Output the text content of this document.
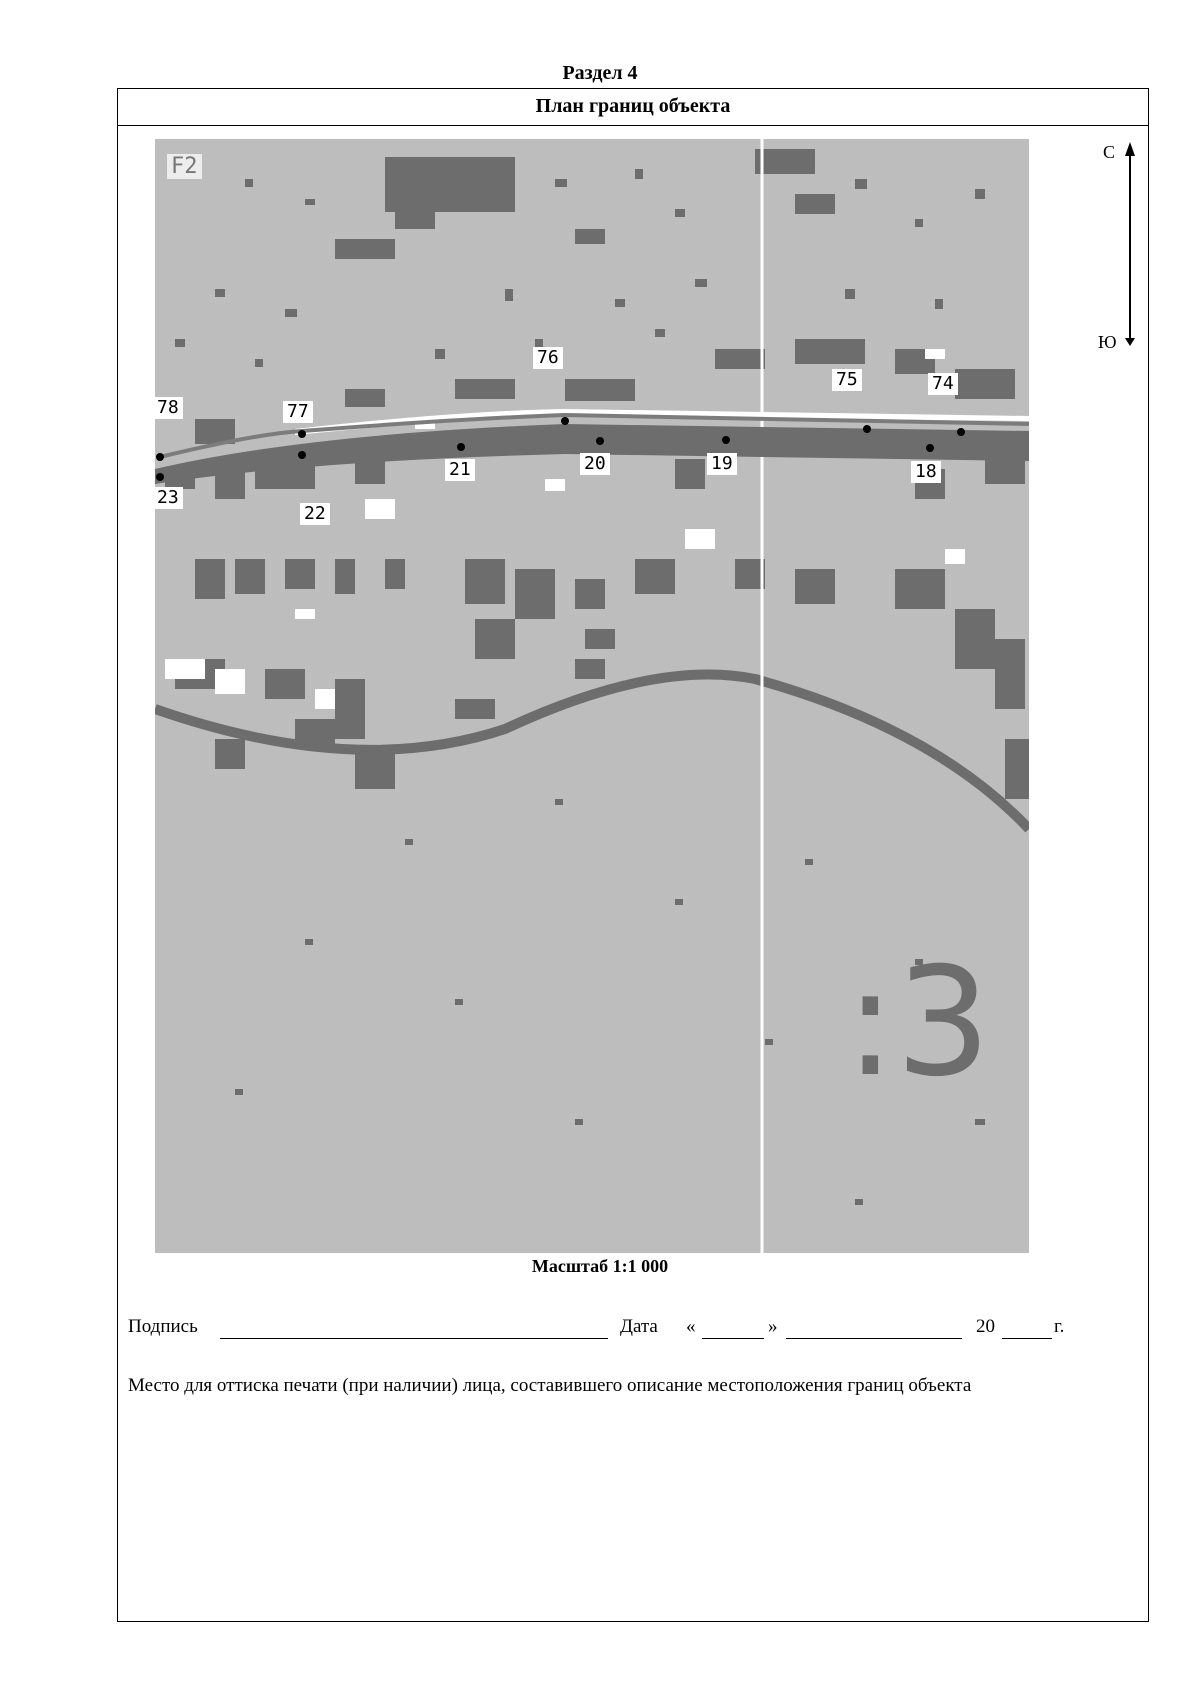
Раздел 4
План границ объекта
:3
F2
78	77
76
75	74
23
22
21	20	19	18
С
Ю
Масштаб 1:1 000
Подпись	Дата «	»	20	г.
Место для оттиска печати (при наличии) лица, составившего описание местоположения границ объекта
